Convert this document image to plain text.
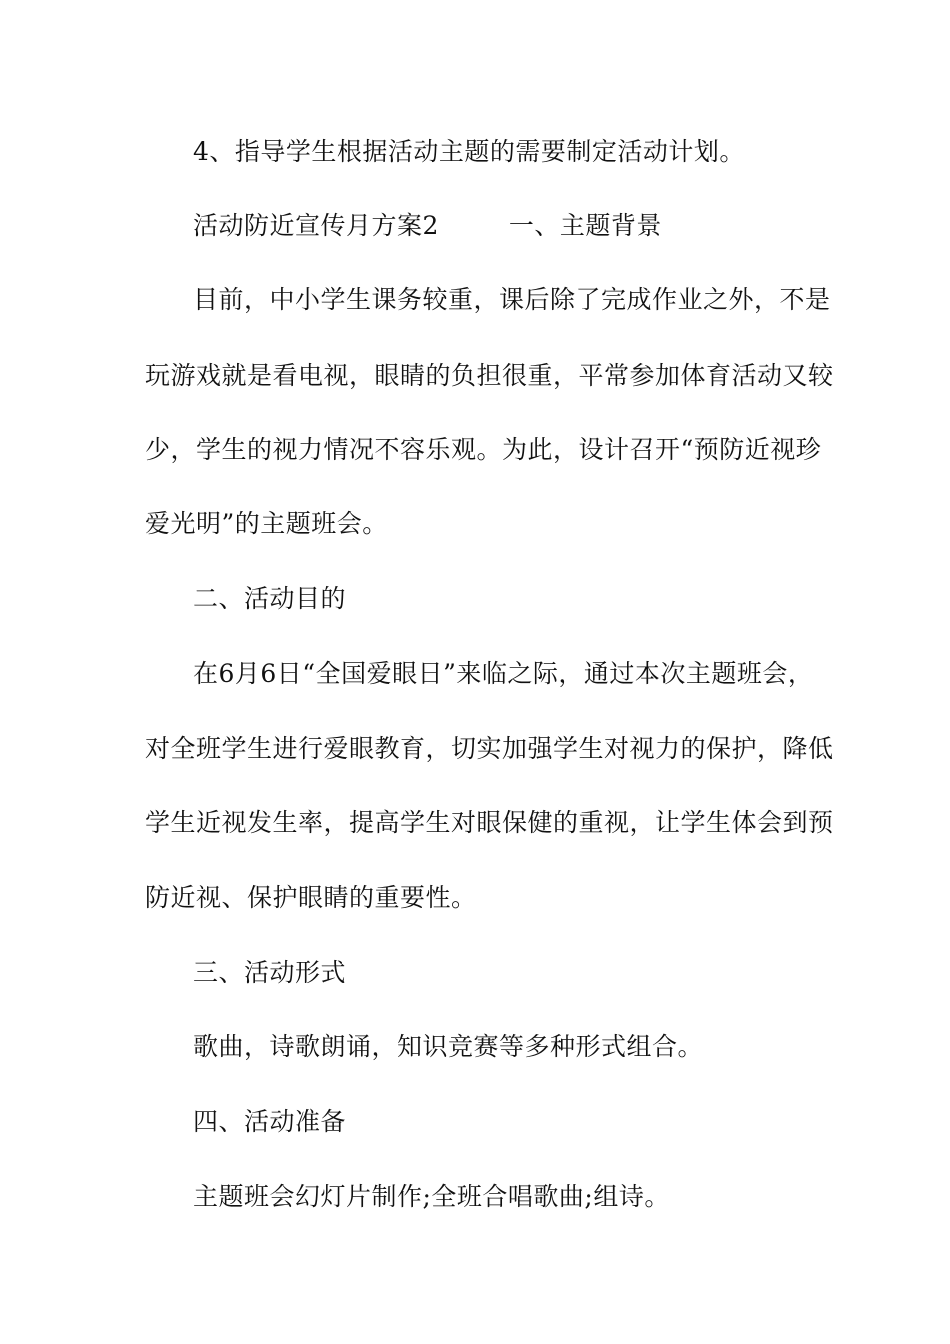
4、指导学生根据活动主题的需要制定活动计划。
活动防近宣传月方案2	一、主题背景
目前，中小学生课务较重，课后除了完成作业之外，不是
玩游戏就是看电视，眼睛的负担很重，平常参加体育活动又较
少，学生的视力情况不容乐观。为此，设计召开“预防近视珍
爱光明”的主题班会。
二、活动目的
在6月6日“全国爱眼日”来临之际，通过本次主题班会，
对全班学生进行爱眼教育，切实加强学生对视力的保护，降低
学生近视发生率，提高学生对眼保健的重视，让学生体会到预
防近视、保护眼睛的重要性。
三、活动形式
歌曲，诗歌朗诵，知识竞赛等多种形式组合。
四、活动准备
主题班会幻灯片制作;全班合唱歌曲;组诗。
